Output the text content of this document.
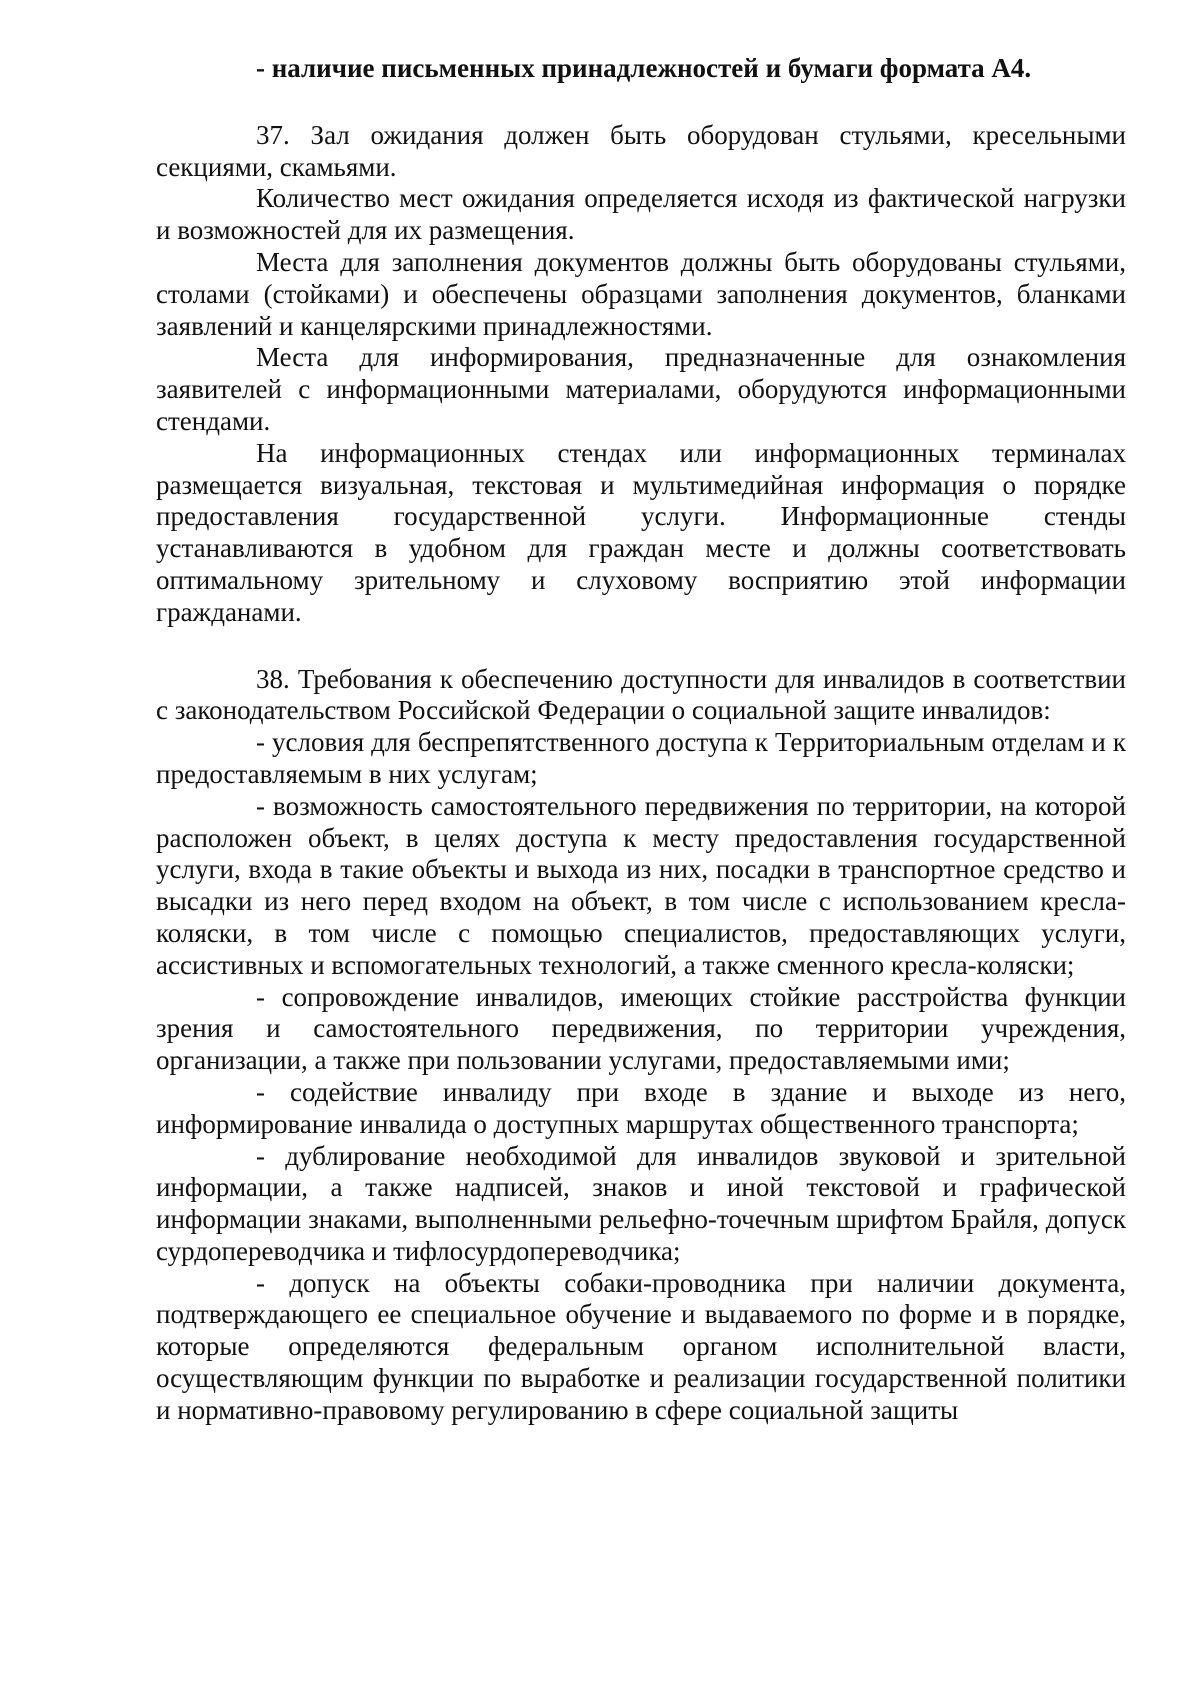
- наличие письменных принадлежностей и бумаги формата А4.

37. Зал ожидания должен быть оборудован стульями, кресельными секциями, скамьями.

Количество мест ожидания определяется исходя из фактической нагрузки и возможностей для их размещения.

Места для заполнения документов должны быть оборудованы стульями, столами (стойками) и обеспечены образцами заполнения документов, бланками заявлений и канцелярскими принадлежностями.

Места для информирования, предназначенные для ознакомления заявителей с информационными материалами, оборудуются информационными стендами.

На информационных стендах или информационных терминалах размещается визуальная, текстовая и мультимедийная информация о порядке предоставления государственной услуги. Информационные стенды устанавливаются в удобном для граждан месте и должны соответствовать оптимальному зрительному и слуховому восприятию этой информации гражданами.

38. Требования к обеспечению доступности для инвалидов в соответствии с законодательством Российской Федерации о социальной защите инвалидов:

- условия для беспрепятственного доступа к Территориальным отделам и к предоставляемым в них услугам;

- возможность самостоятельного передвижения по территории, на которой расположен объект, в целях доступа к месту предоставления государственной услуги, входа в такие объекты и выхода из них, посадки в транспортное средство и высадки из него перед входом на объект, в том числе с использованием кресла-коляски, в том числе с помощью специалистов, предоставляющих услуги, ассистивных и вспомогательных технологий, а также сменного кресла-коляски;

- сопровождение инвалидов, имеющих стойкие расстройства функции зрения и самостоятельного передвижения, по территории учреждения, организации, а также при пользовании услугами, предоставляемыми ими;

- содействие инвалиду при входе в здание и выходе из него, информирование инвалида о доступных маршрутах общественного транспорта;

- дублирование необходимой для инвалидов звуковой и зрительной информации, а также надписей, знаков и иной текстовой и графической информации знаками, выполненными рельефно-точечным шрифтом Брайля, допуск сурдопереводчика и тифлосурдопереводчика;

- допуск на объекты собаки-проводника при наличии документа, подтверждающего ее специальное обучение и выдаваемого по форме и в порядке, которые определяются федеральным органом исполнительной власти, осуществляющим функции по выработке и реализации государственной политики и нормативно-правовому регулированию в сфере социальной защиты
